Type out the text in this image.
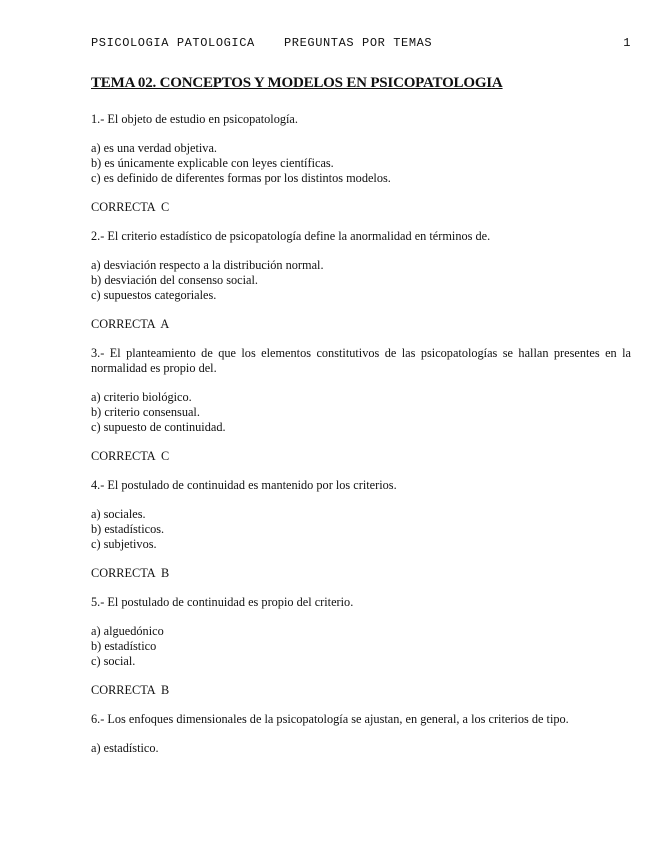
PSICOLOGIA PATOLOGICA PREGUNTAS POR TEMAS	1
TEMA 02. CONCEPTOS Y MODELOS EN PSICOPATOLOGIA
1.- El objeto de estudio en psicopatología.
a) es una verdad objetiva.
b) es únicamente explicable con leyes científicas.
c) es definido de diferentes formas por los distintos modelos.
CORRECTA C
2.- El criterio estadístico de psicopatología define la anormalidad en términos de.
a) desviación respecto a la distribución normal.
b) desviación del consenso social.
c) supuestos categoriales.
CORRECTA A
3.- El planteamiento de que los elementos constitutivos de las psicopatologías se hallan presentes en la normalidad es propio del.
a) criterio biológico.
b) criterio consensual.
c) supuesto de continuidad.
CORRECTA C
4.- El postulado de continuidad es mantenido por los criterios.
a) sociales.
b) estadísticos.
c) subjetivos.
CORRECTA B
5.- El postulado de continuidad es propio del criterio.
a) alguedónico
b) estadístico
c) social.
CORRECTA B
6.- Los enfoques dimensionales de la psicopatología se ajustan, en general, a los criterios de tipo.
a) estadístico.
